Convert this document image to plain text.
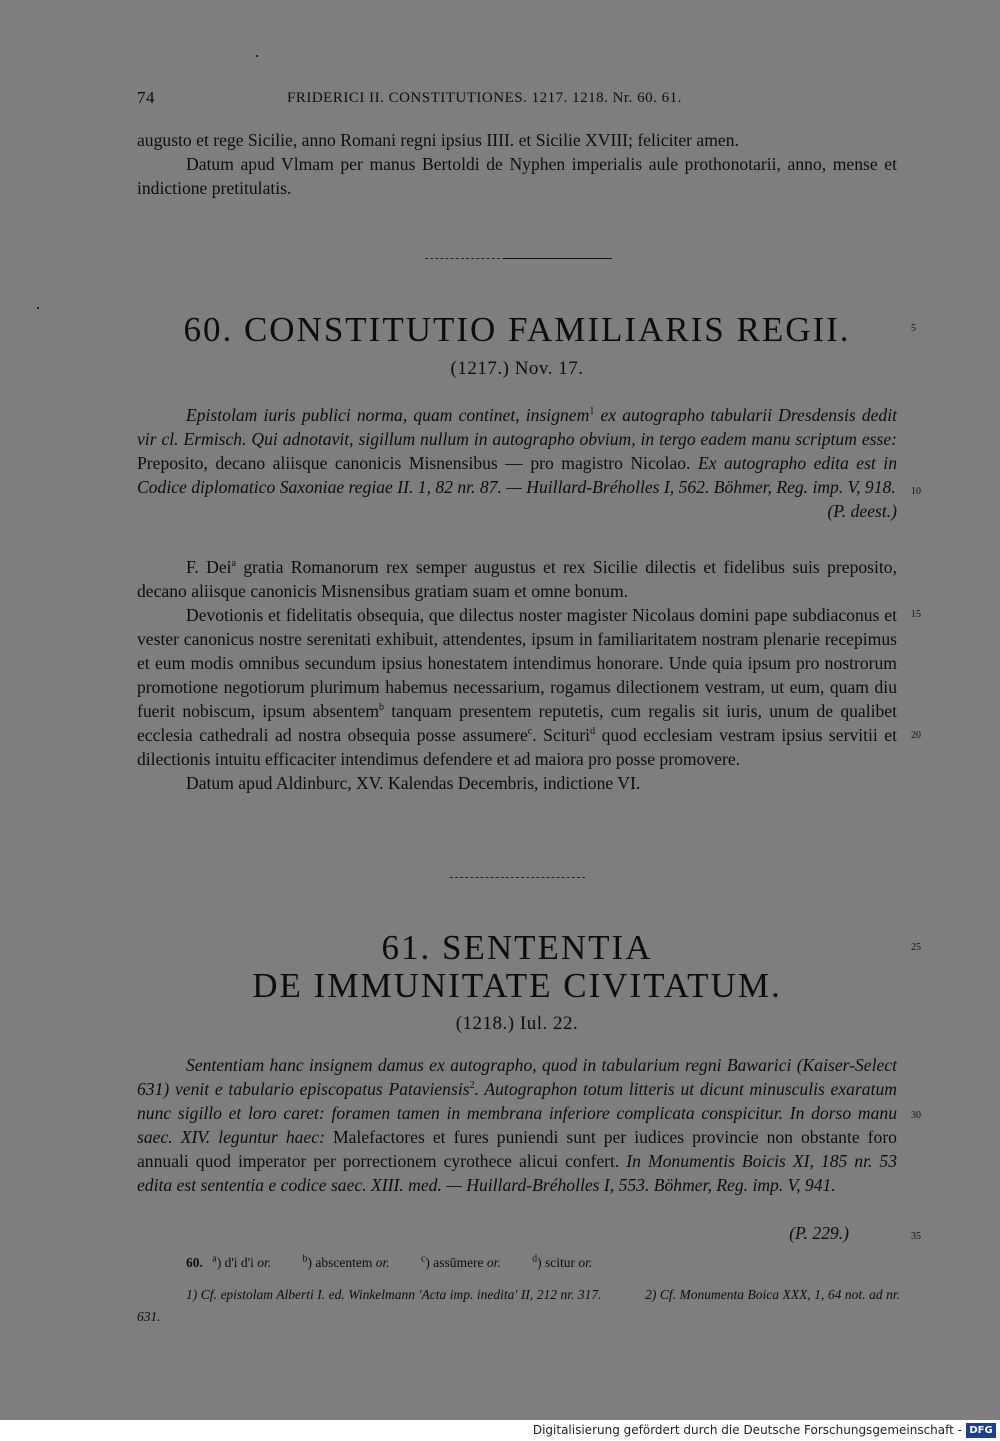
74	FRIDERICI II. CONSTITUTIONES. 1217. 1218. Nr. 60. 61.

augusto et rege Sicilie, anno Romani regni ipsius IIII. et Sicilie XVIII; feliciter amen.

Datum apud Vlmam per manus Bertoldi de Nyphen imperialis aule prothonotarii, anno, mense et indictione pretitulatis.

60. CONSTITUTIO FAMILIARIS REGII.	5
(1217.) Nov. 17.

Epistolam iuris publici norma, quam continet, insignem$^1$ ex autographo tabularii Dresdensis dedit vir cl. Ermisch. Qui adnotavit, sigillum nullum in autographo obvium, in tergo eadem manu scriptum esse: Preposito, decano aliisque canonicis Misnensibus — pro magistro Nicolao. Ex autographo edita est in Codice diplomatico Saxoniae regiae II. 1, 82 nr. 87. — Huillard-Bréholles I, 562. Böhmer, Reg. imp. V, 918.

(P. deest.)

10

F. Dei$^a$ gratia Romanorum rex semper augustus et rex Sicilie dilectis et fidelibus suis preposito, decano aliisque canonicis Misnensibus gratiam suam et omne bonum.

Devotionis et fidelitatis obsequia, que dilectus noster magister Nicolaus domini pape subdiaconus et vester canonicus nostre serenitati exhibuit, attendentes, ipsum in familiaritatem nostram plenarie recepimus et eum modis omnibus secundum ipsius honestatem intendimus honorare. Unde quia ipsum pro nostrorum promotione negotiorum plurimum habemus necessarium, rogamus dilectionem vestram, ut eum, quam diu fuerit nobiscum, ipsum absentem$^b$ tanquam presentem reputetis, cum regalis sit iuris, unum de qualibet ecclesia cathedrali ad nostra obsequia posse assumere$^c$. Sciturі$^d$ quod ecclesiam vestram ipsius servitii et dilectionis intuitu efficaciter intendimus defendere et ad maiora pro posse promovere.

Datum apud Aldinburc, XV. Kalendas Decembris, indictione VI.

15
20
61. SENTENTIA
DE IMMUNITATE CIVITATUM.
25
(1218.) Iul. 22.

Sententiam hanc insignem damus ex autographo, quod in tabularium regni Bawarici (Kaiser-Select 631) venit e tabulario episcopatus Pataviensis$^2$. Autographon totum litteris ut dicunt minusculis exaratum nunc sigillo et loro caret: foramen tamen in membrana inferiore complicata conspicitur. In dorso manu saec. XIV. leguntur haec: Malefactores et fures puniendi sunt per iudices provincie non obstante foro annuali quod imperator per porrectionem cyrothece alicui confert. In Monumentis Boicis XI, 185 nr. 53 edita est sententia e codice saec. XIII. med. — Huillard-Bréholles I, 553. Böhmer, Reg. imp. V, 941.

(P. 229.)

30
35

60. $^a$) d'i d'i or.	$^b$) abscentem or.	$^c$) assūmere or.	$^d$) scitur or.

1) Cf. epistolam Alberti I. ed. Winkelmann 'Acta imp. inedita' II, 212 nr. 317.	2) Cf. Monumenta Boica XXX, 1, 64 not. ad nr. 631.

Digitalisierung gefördert durch die Deutsche Forschungsgemeinschaft - DFG
